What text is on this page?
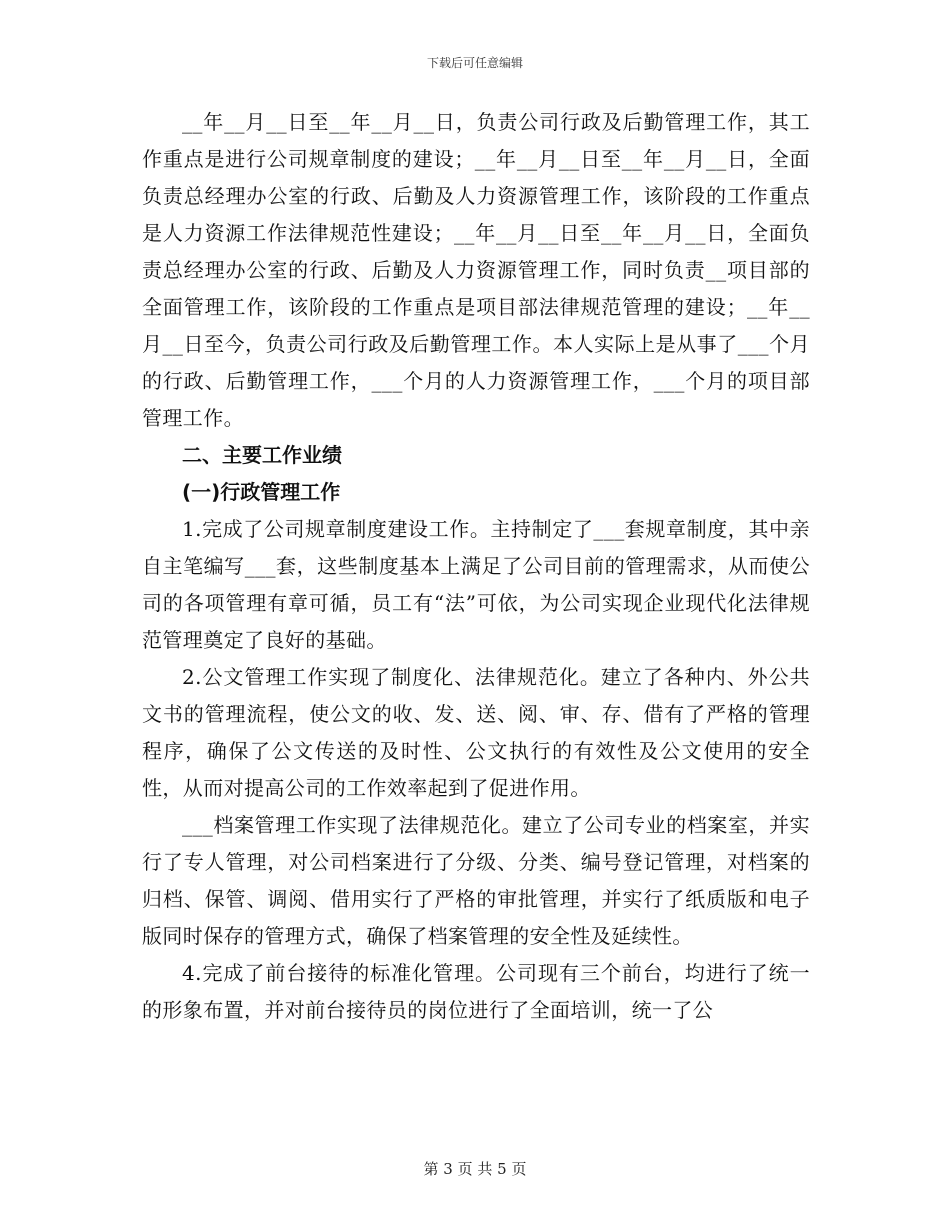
下载后可任意编辑

__年__月__日至__年__月__日，负责公司行政及后勤管理工作，其工作重点是进行公司规章制度的建设；__年__月__日至__年__月__日，全面负责总经理办公室的行政、后勤及人力资源管理工作，该阶段的工作重点是人力资源工作法律规范性建设；__年__月__日至__年__月__日，全面负责总经理办公室的行政、后勤及人力资源管理工作，同时负责__项目部的全面管理工作，该阶段的工作重点是项目部法律规范管理的建设；__年__月__日至今，负责公司行政及后勤管理工作。本人实际上是从事了___个月的行政、后勤管理工作，___个月的人力资源管理工作，___个月的项目部管理工作。

二、主要工作业绩

(一)行政管理工作

1.完成了公司规章制度建设工作。主持制定了___套规章制度，其中亲自主笔编写___套，这些制度基本上满足了公司目前的管理需求，从而使公司的各项管理有章可循，员工有“法”可依，为公司实现企业现代化法律规范管理奠定了良好的基础。

2.公文管理工作实现了制度化、法律规范化。建立了各种内、外公共文书的管理流程，使公文的收、发、送、阅、审、存、借有了严格的管理程序，确保了公文传送的及时性、公文执行的有效性及公文使用的安全性，从而对提高公司的工作效率起到了促进作用。

___档案管理工作实现了法律规范化。建立了公司专业的档案室，并实行了专人管理，对公司档案进行了分级、分类、编号登记管理，对档案的归档、保管、调阅、借用实行了严格的审批管理，并实行了纸质版和电子版同时保存的管理方式，确保了档案管理的安全性及延续性。

4.完成了前台接待的标准化管理。公司现有三个前台，均进行了统一的形象布置，并对前台接待员的岗位进行了全面培训，统一了公

第 3 页 共 5 页
